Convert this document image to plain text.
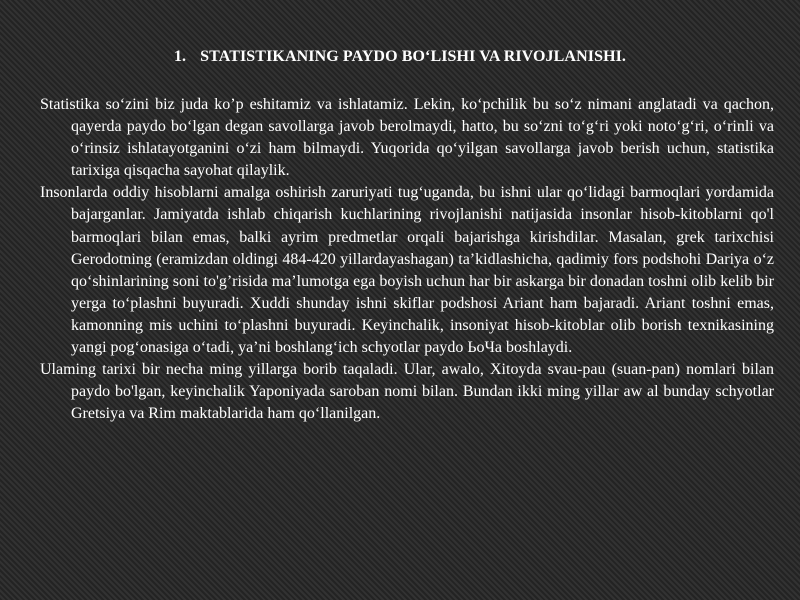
1. STATISTIKANING PAYDO BO‘LISHI VA RIVOJLANISHI.

Statistika so‘zini biz juda ko’p eshitamiz va ishlatamiz. Lekin, ko‘pchilik bu so‘z nimani anglatadi va qachon, qayerda paydo bo‘lgan degan savollarga javob berolmaydi, hatto, bu so‘zni to‘g‘ri yoki noto‘g‘ri, o‘rinli va o‘rinsiz ishlatayotganini o‘zi ham bilmaydi. Yuqorida qo‘yilgan savollarga javob berish uchun, statistika tarixiga qisqacha sayohat qilaylik.

Insonlarda oddiy hisoblarni amalga oshirish zaruriyati tug‘uganda, bu ishni ular qo‘lidagi barmoqlari yordamida bajarganlar. Jamiyatda ishlab chiqarish kuchlarining rivojlanishi natijasida insonlar hisob-kitoblarni qo'l barmoqlari bilan emas, balki ayrim predmetlar orqali bajarishga kirishdilar. Masalan, grek tarixchisi Gerodotning (eramizdan oldingi 484-420 yillardayashagan) ta’kidlashicha, qadimiy fors podshohi Dariya o‘z qo‘shinlarining soni to'g’risida ma’lumotga ega boyish uchun har bir askarga bir donadan toshni olib kelib bir yerga to‘plashni buyuradi. Xuddi shunday ishni skiflar podshosi Ariant ham bajaradi. Ariant toshni emas, kamonning mis uchini to‘plashni buyuradi. Keyinchalik, insoniyat hisob-kitoblar olib borish texnikasining yangi pog‘onasiga o‘tadi, ya’ni boshlang‘ich schyotlar paydo ЬоЧа boshlaydi.

Ulaming tarixi bir necha ming yillarga borib taqaladi. Ular, awalo, Xitoyda svau-pau (suan-pan) nomlari bilan paydo bo'lgan, keyinchalik Yaponiyada saroban nomi bilan. Bundan ikki ming yillar aw al bunday schyotlar Gretsiya va Rim maktablarida ham qo‘llanilgan.
